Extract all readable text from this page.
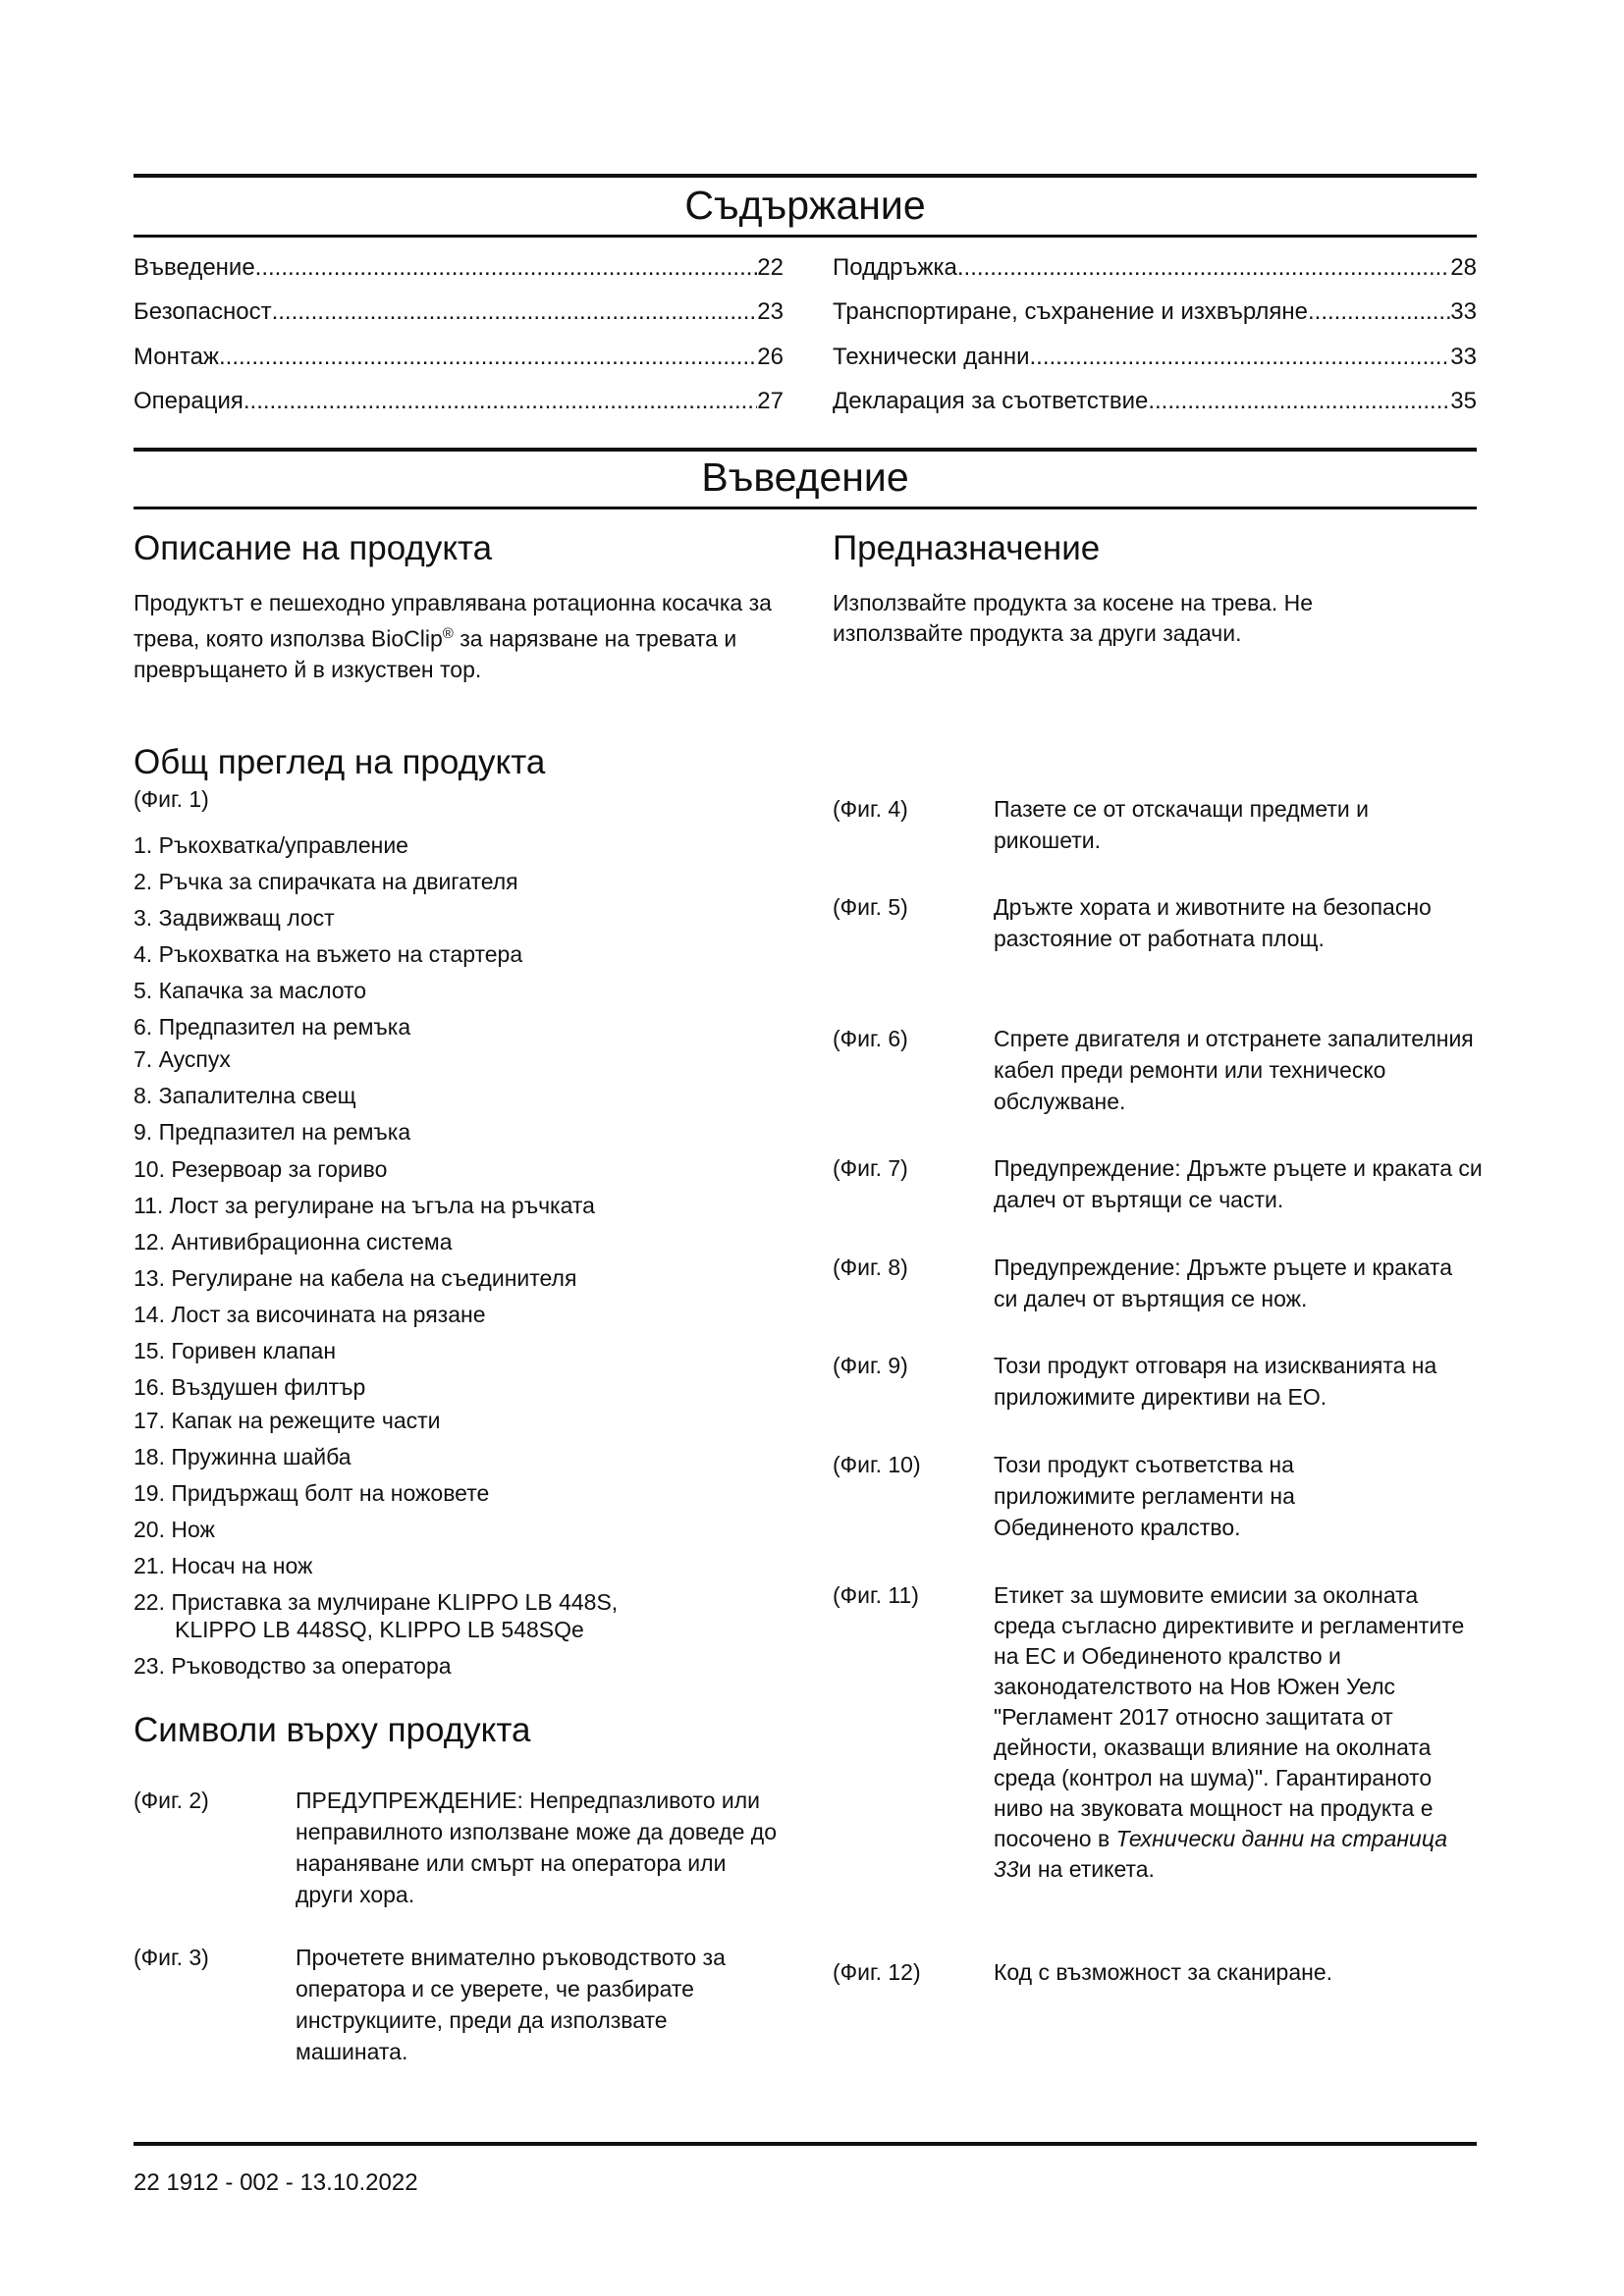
Съдържание
Въведение .....	22
Безопасност .....	23
Монтаж .....	26
Операция .....	27
Поддръжка .....	28
Транспортиране, съхранение и изхвърляне .....	33
Технически данни .....	33
Декларация за съответствие .....	35
Въведение
Описание на продукта
Продуктът е пешеходно управлявана ротационна косачка за трева, която използва BioClip® за нарязване на тревата и превръщането й в изкуствен тор.
Предназначение
Използвайте продукта за косене на трева. Не използвайте продукта за други задачи.
Общ преглед на продукта
(Фиг. 1)
1. Ръкохватка/управление
2. Ръчка за спирачката на двигателя
3. Задвижващ лост
4. Ръкохватка на въжето на стартера
5. Капачка за маслото
6. Предпазител на ремъка
7. Ауспух
8. Запалителна свещ
9. Предпазител на ремъка
10. Резервоар за гориво
11. Лост за регулиране на ъгъла на ръчката
12. Антивибрационна система
13. Регулиране на кабела на съединителя
14. Лост за височината на рязане
15. Горивен клапан
16. Въздушен филтър
17. Капак на режещите части
18. Пружинна шайба
19. Придържащ болт на ножовете
20. Нож
21. Носач на нож
22. Приставка за мулчиране KLIPPO LB 448S,
KLIPPO LB 448SQ, KLIPPO LB 548SQe
23. Ръководство за оператора
Символи върху продукта
(Фиг. 2)	ПРЕДУПРЕЖДЕНИЕ: Непредпазливото или неправилното използване може да доведе до нараняване или смърт на оператора или други хора.
(Фиг. 3)	Прочетете внимателно ръководството за оператора и се уверете, че разбирате инструкциите, преди да използвате машината.
(Фиг. 4)	Пазете се от отскачащи предмети и рикошети.
(Фиг. 5)	Дръжте хората и животните на безопасно разстояние от работната площ.
(Фиг. 6)	Спрете двигателя и отстранете запалителния кабел преди ремонти или техническо обслужване.
(Фиг. 7)	Предупреждение: Дръжте ръцете и краката си далеч от въртящи се части.
(Фиг. 8)	Предупреждение: Дръжте ръцете и краката си далеч от въртящия се нож.
(Фиг. 9)	Този продукт отговаря на изискванията на приложимите директиви на ЕО.
(Фиг. 10)	Този продукт съответства на приложимите регламенти на Обединеното кралство.
(Фиг. 11)	Етикет за шумовите емисии за околната среда съгласно директивите и регламентите на ЕС и Обединеното кралство и законодателството на Нов Южен Уелс "Регламент 2017 относно защитата от дейности, оказващи влияние на околната среда (контрол на шума)". Гарантираното ниво на звуковата мощност на продукта е посочено в Технически данни на страница 33и на етикета.
(Фиг. 12)	Код с възможност за сканиране.
22 1912 - 002 - 13.10.2022
